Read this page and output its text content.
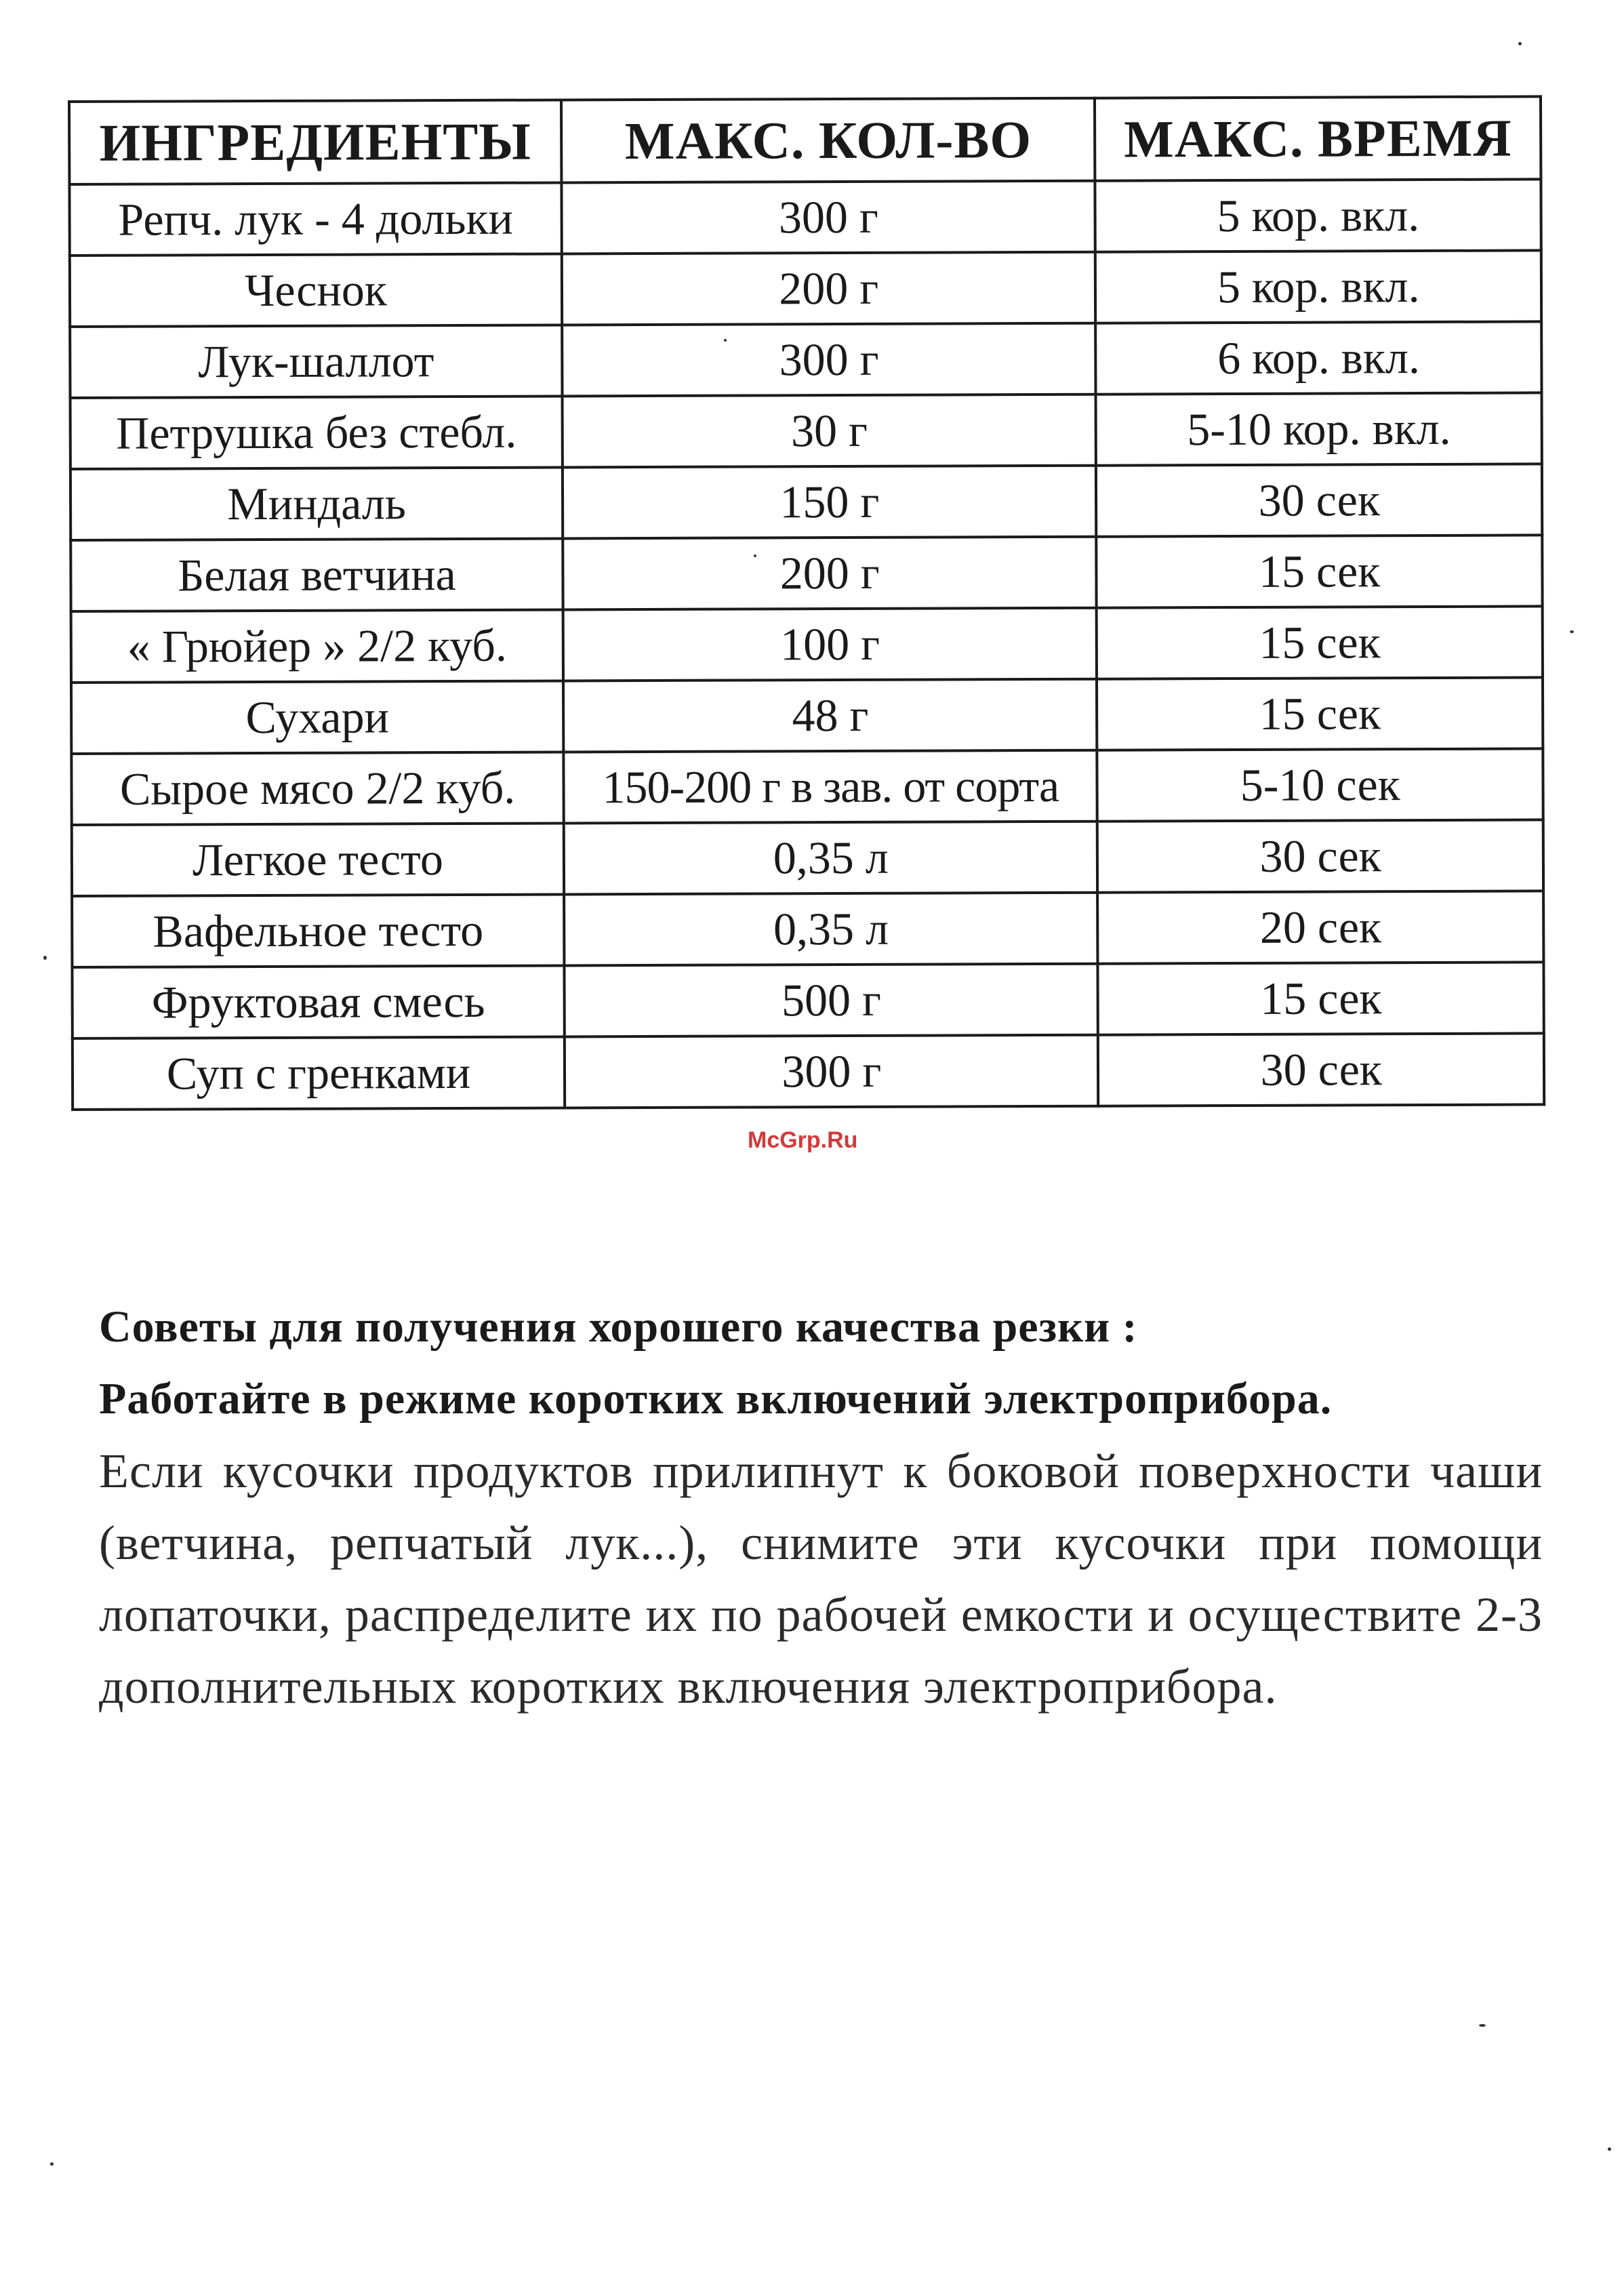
ИНГРЕДИЕНТЫ	МАКС. КОЛ-ВО	МАКС. ВРЕМЯ
Репч. лук - 4 дольки	300 г	5 кор. вкл.
Чеснок	200 г	5 кор. вкл.
Лук-шаллот	300 г	6 кор. вкл.
Петрушка без стебл.	30 г	5-10 кор. вкл.
Миндаль	150 г	30 сек
Белая ветчина	200 г	15 сек
« Грюйер » 2/2 куб.	100 г	15 сек
Сухари	48 г	15 сек
Сырое мясо 2/2 куб.	150-200 г в зав. от сорта	5-10 сек
Легкое тесто	0,35 л	30 сек
Вафельное тесто	0,35 л	20 сек
Фруктовая смесь	500 г	15 сек
Суп с гренками	300 г	30 сек
McGrp.Ru

Советы для получения хорошего качества резки :

Работайте в режиме коротких включений электроприбора.

Если кусочки продуктов прилипнут к боковой поверхности чаши (ветчина, репчатый лук...), снимите эти кусочки при помощи лопаточки, распределите их по рабочей емкости и осуществите 2-3 дополнительных коротких включения электроприбора.
